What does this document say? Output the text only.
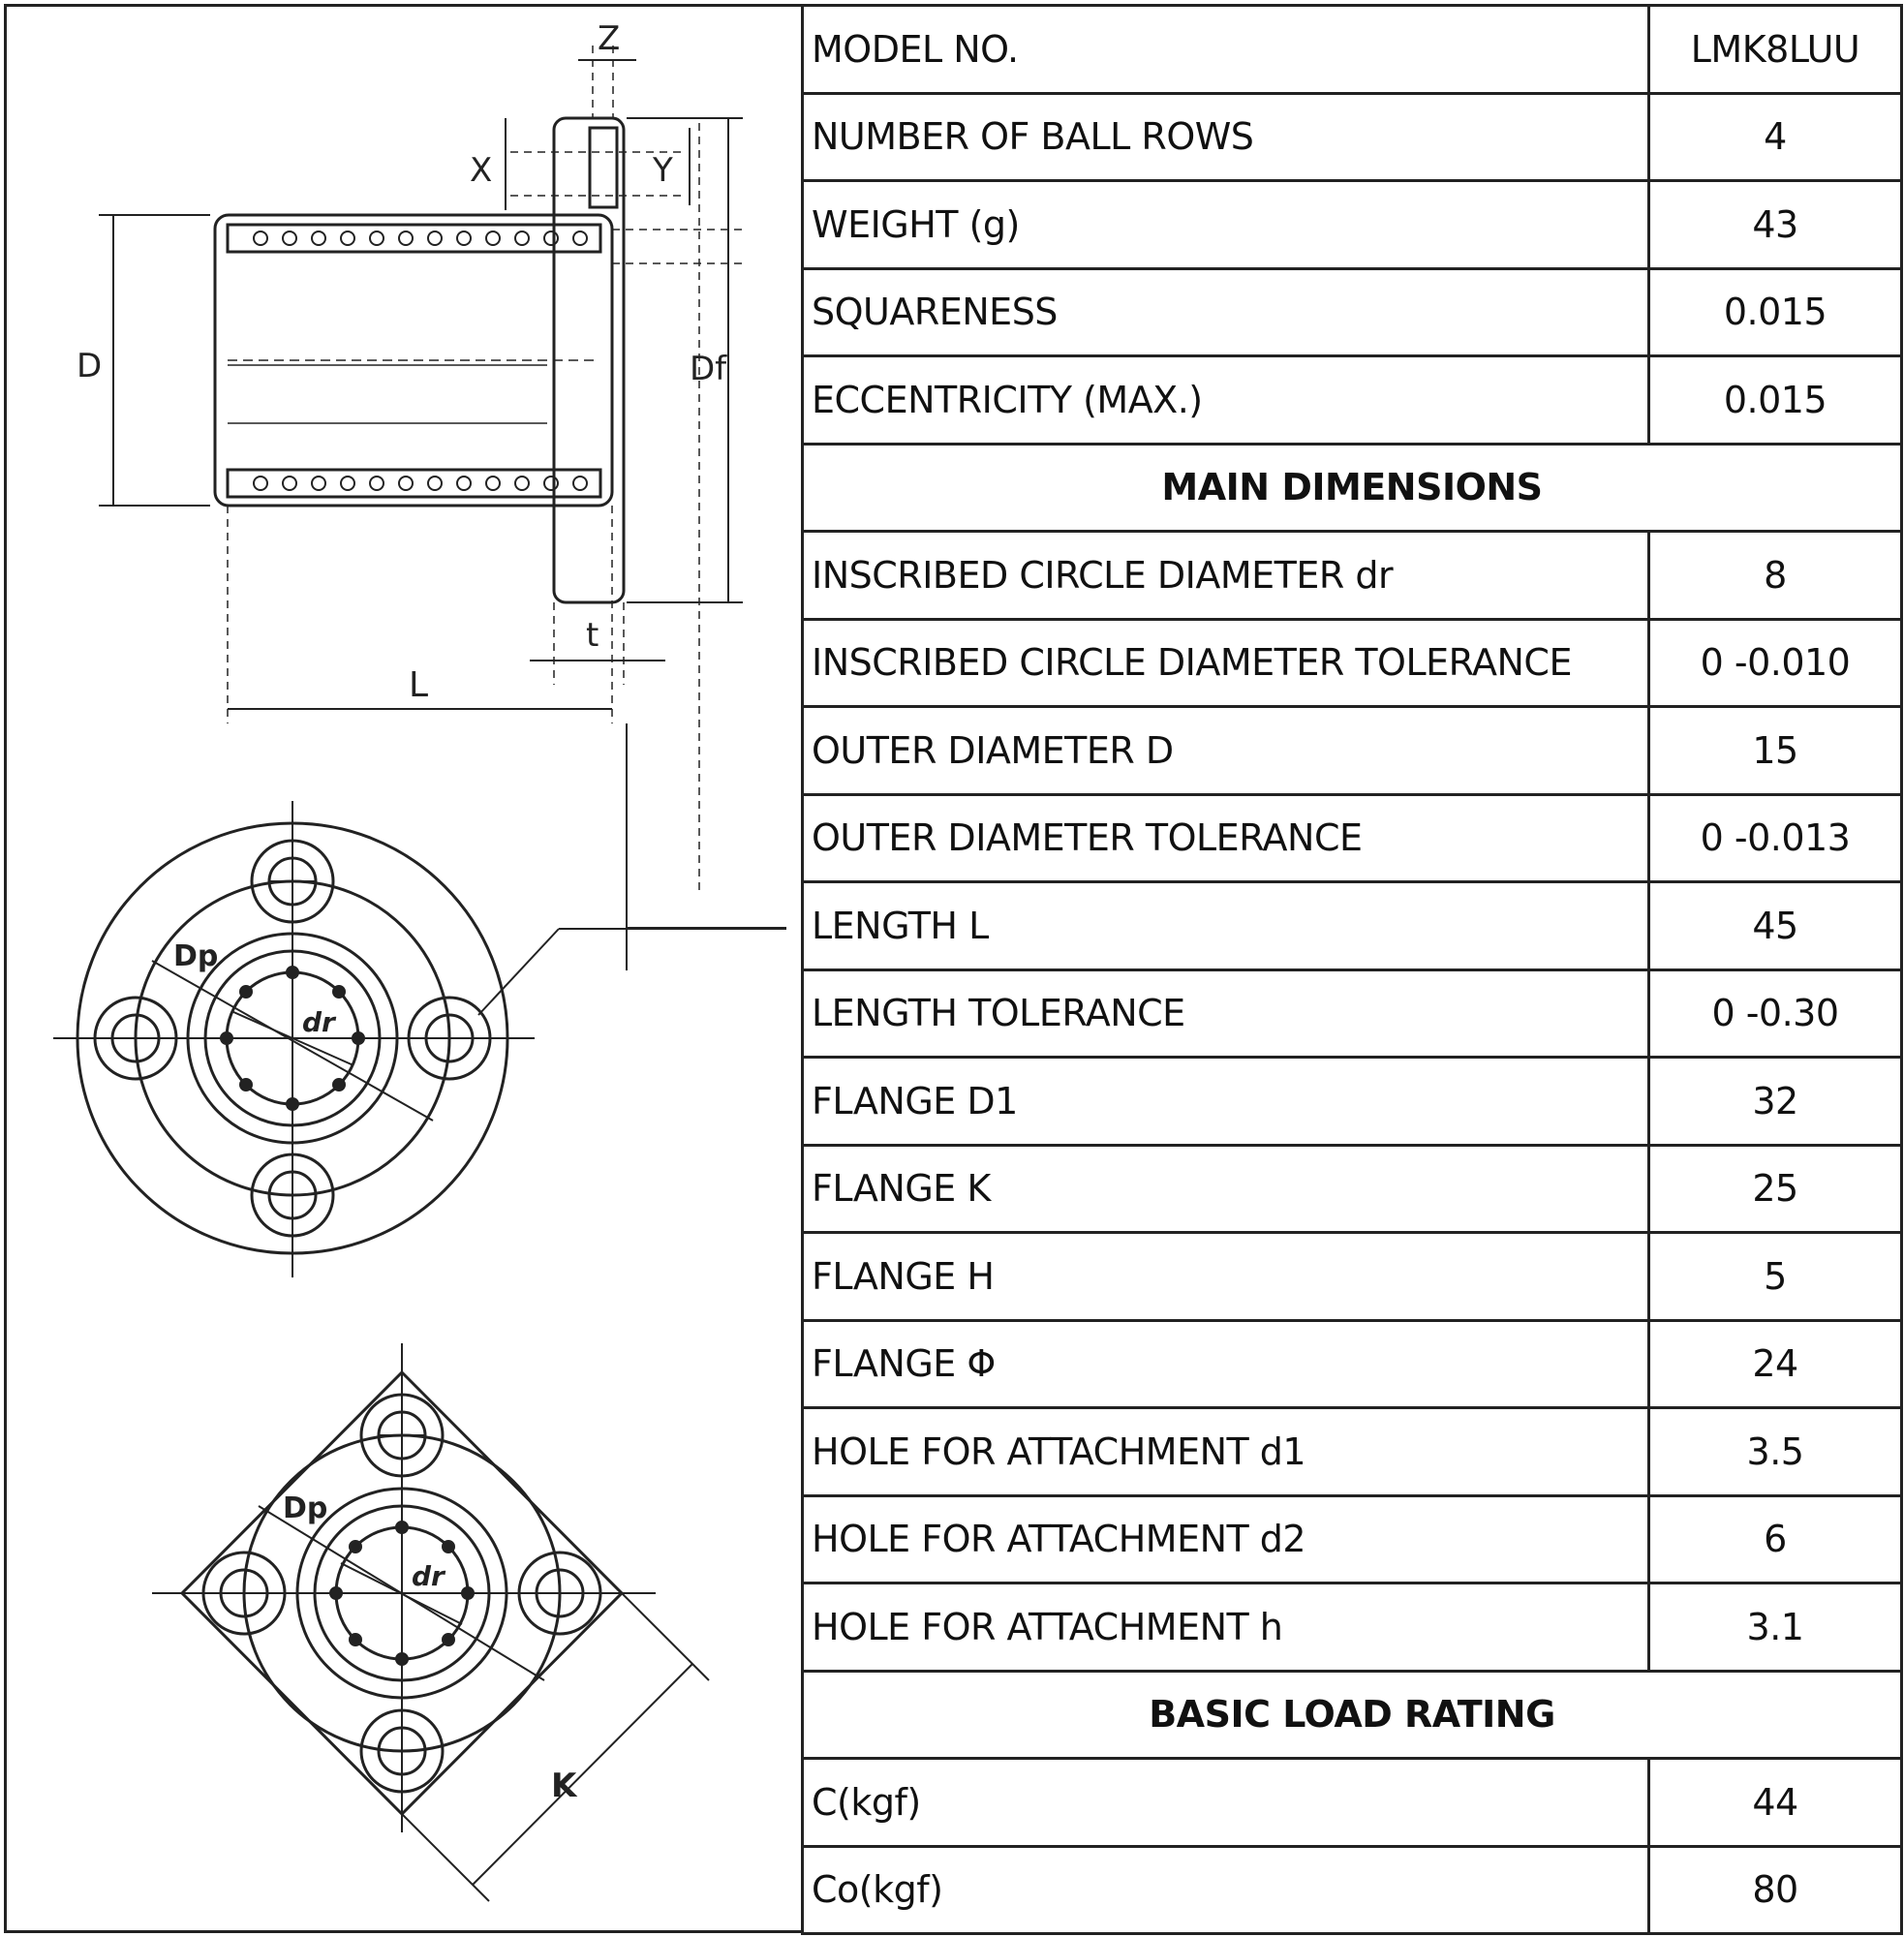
Z
X	Y
D	Df
t
L
Dp
dr
Dp
dr
K
MODEL NO.	LMK8LUU
NUMBER OF BALL ROWS	4
WEIGHT (g)	43
SQUARENESS	0.015
ECCENTRICITY (MAX.)	0.015
MAIN DIMENSIONS	
INSCRIBED CIRCLE DIAMETER dr	8
INSCRIBED CIRCLE DIAMETER TOLERANCE	0 -0.010
OUTER DIAMETER D	15
OUTER DIAMETER TOLERANCE	0 -0.013
LENGTH L	45
LENGTH TOLERANCE	0 -0.30
FLANGE D1	32
FLANGE K	25
FLANGE H	5
FLANGE Φ	24
HOLE FOR ATTACHMENT d1	3.5
HOLE FOR ATTACHMENT d2	6
HOLE FOR ATTACHMENT h	3.1
BASIC LOAD RATING	
C(kgf)	44
Co(kgf)	80
